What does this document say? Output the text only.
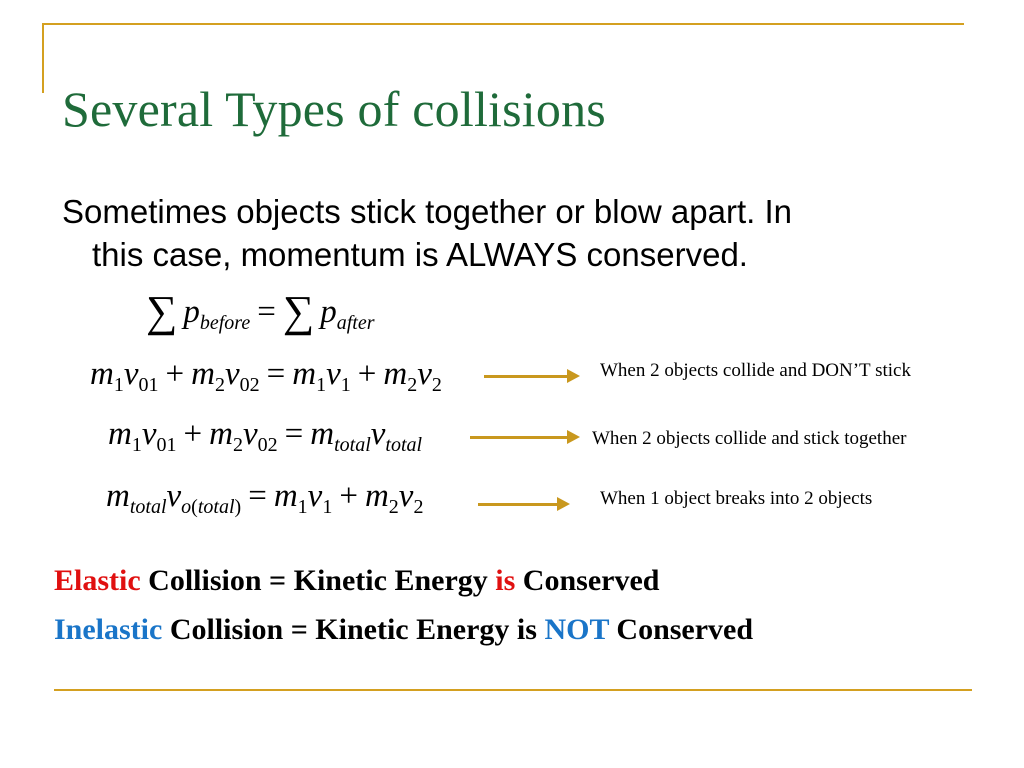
Several Types of collisions
Sometimes objects stick together or blow apart. In
this case, momentum is ALWAYS conserved.
∑ $p_{before}$ = ∑ $p_{after}$
$m_1v_{01} + m_2v_{02} = m_1v_1 + m_2v_2$
When 2 objects collide and DON’T stick
$m_1v_{01} + m_2v_{02} = m_{total}v_{total}$	When 2 objects collide and stick together
$m_{total}v_{o(total)} = m_1v_1 + m_2v_2$	When 1 object breaks into 2 objects
Elastic Collision = Kinetic Energy is Conserved
Inelastic Collision = Kinetic Energy is NOT Conserved
